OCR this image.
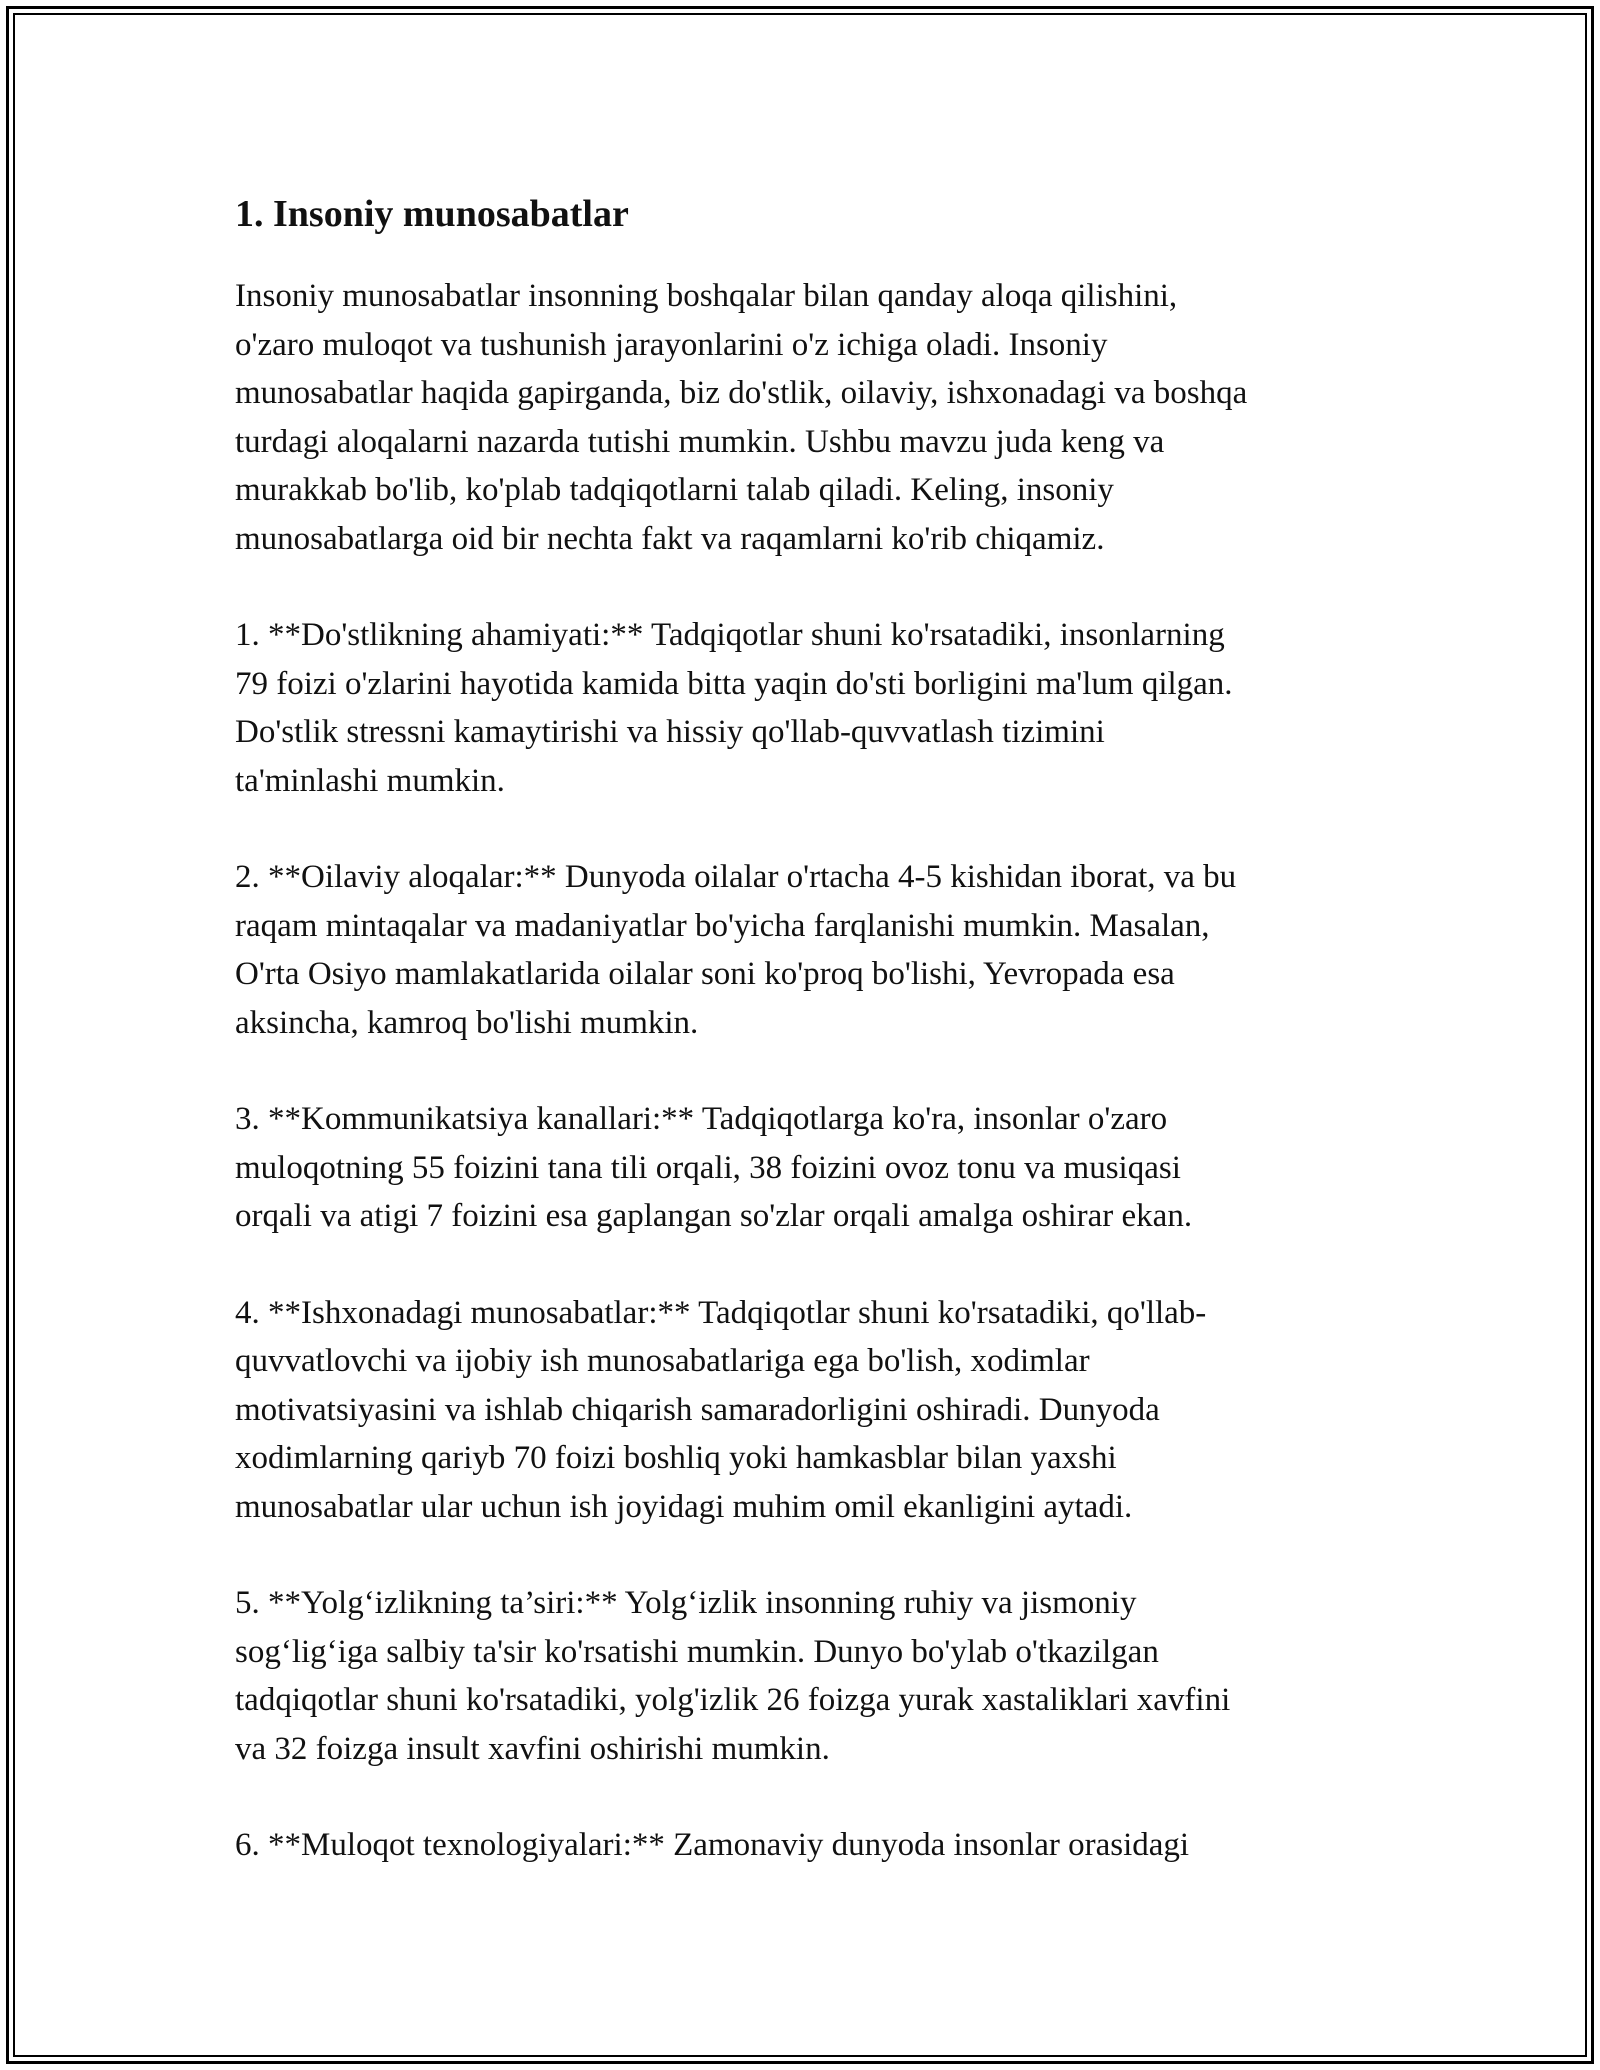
1. Insoniy munosabatlar

Insoniy munosabatlar insonning boshqalar bilan qanday aloqa qilishini,
o'zaro muloqot va tushunish jarayonlarini o'z ichiga oladi. Insoniy
munosabatlar haqida gapirganda, biz do'stlik, oilaviy, ishxonadagi va boshqa
turdagi aloqalarni nazarda tutishi mumkin. Ushbu mavzu juda keng va
murakkab bo'lib, ko'plab tadqiqotlarni talab qiladi. Keling, insoniy
munosabatlarga oid bir nechta fakt va raqamlarni ko'rib chiqamiz.

1. **Do'stlikning ahamiyati:** Tadqiqotlar shuni ko'rsatadiki, insonlarning
79 foizi o'zlarini hayotida kamida bitta yaqin do'sti borligini ma'lum qilgan.
Do'stlik stressni kamaytirishi va hissiy qo'llab-quvvatlash tizimini
ta'minlashi mumkin.

2. **Oilaviy aloqalar:** Dunyoda oilalar o'rtacha 4-5 kishidan iborat, va bu
raqam mintaqalar va madaniyatlar bo'yicha farqlanishi mumkin. Masalan,
O'rta Osiyo mamlakatlarida oilalar soni ko'proq bo'lishi, Yevropada esa
aksincha, kamroq bo'lishi mumkin.

3. **Kommunikatsiya kanallari:** Tadqiqotlarga ko'ra, insonlar o'zaro
muloqotning 55 foizini tana tili orqali, 38 foizini ovoz tonu va musiqasi
orqali va atigi 7 foizini esa gaplangan so'zlar orqali amalga oshirar ekan.

4. **Ishxonadagi munosabatlar:** Tadqiqotlar shuni ko'rsatadiki, qo'llab-
quvvatlovchi va ijobiy ish munosabatlariga ega bo'lish, xodimlar
motivatsiyasini va ishlab chiqarish samaradorligini oshiradi. Dunyoda
xodimlarning qariyb 70 foizi boshliq yoki hamkasblar bilan yaxshi
munosabatlar ular uchun ish joyidagi muhim omil ekanligini aytadi.

5. **Yolg‘izlikning ta’siri:** Yolg‘izlik insonning ruhiy va jismoniy
sog‘lig‘iga salbiy ta'sir ko'rsatishi mumkin. Dunyo bo'ylab o'tkazilgan
tadqiqotlar shuni ko'rsatadiki, yolg'izlik 26 foizga yurak xastaliklari xavfini
va 32 foizga insult xavfini oshirishi mumkin.

6. **Muloqot texnologiyalari:** Zamonaviy dunyoda insonlar orasidagi
